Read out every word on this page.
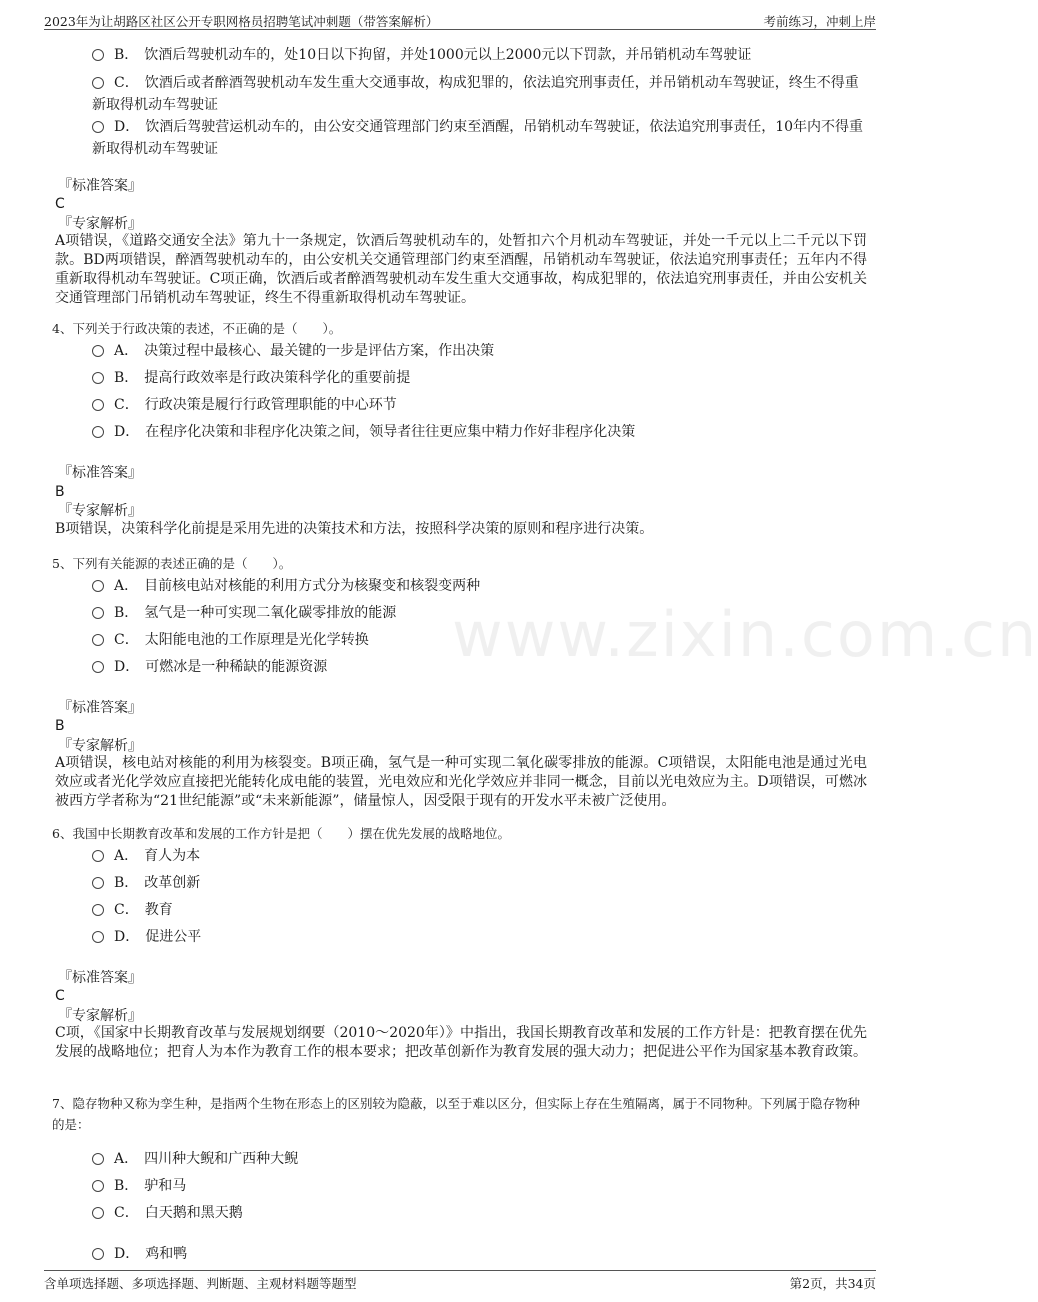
2023年为让胡路区社区公开专职网格员招聘笔试冲刺题（带答案解析）	考前练习，冲刺上岸
www.zixin.com.cn
B． 饮酒后驾驶机动车的，处10日以下拘留，并处1000元以上2000元以下罚款，并吊销机动车驾驶证
C． 饮酒后或者醉酒驾驶机动车发生重大交通事故，构成犯罪的，依法追究刑事责任，并吊销机动车驾驶证，终生不得重新取得机动车驾驶证
D． 饮酒后驾驶营运机动车的，由公安交通管理部门约束至酒醒，吊销机动车驾驶证，依法追究刑事责任，10年内不得重新取得机动车驾驶证
『标准答案』
C
『专家解析』
A项错误，《道路交通安全法》第九十一条规定，饮酒后驾驶机动车的，处暂扣六个月机动车驾驶证，并处一千元以上二千元以下罚款。BD两项错误，醉酒驾驶机动车的，由公安机关交通管理部门约束至酒醒，吊销机动车驾驶证，依法追究刑事责任；五年内不得重新取得机动车驾驶证。C项正确，饮酒后或者醉酒驾驶机动车发生重大交通事故，构成犯罪的，依法追究刑事责任，并由公安机关交通管理部门吊销机动车驾驶证，终生不得重新取得机动车驾驶证。
4、下列关于行政决策的表述，不正确的是（　　）。
A． 决策过程中最核心、最关键的一步是评估方案，作出决策
B． 提高行政效率是行政决策科学化的重要前提
C． 行政决策是履行行政管理职能的中心环节
D． 在程序化决策和非程序化决策之间，领导者往往更应集中精力作好非程序化决策
『标准答案』
B
『专家解析』
B项错误，决策科学化前提是采用先进的决策技术和方法，按照科学决策的原则和程序进行决策。
5、下列有关能源的表述正确的是（　　）。
A． 目前核电站对核能的利用方式分为核聚变和核裂变两种
B． 氢气是一种可实现二氧化碳零排放的能源
C． 太阳能电池的工作原理是光化学转换
D． 可燃冰是一种稀缺的能源资源
『标准答案』
B
『专家解析』
A项错误，核电站对核能的利用为核裂变。B项正确，氢气是一种可实现二氧化碳零排放的能源。C项错误，太阳能电池是通过光电效应或者光化学效应直接把光能转化成电能的装置，光电效应和光化学效应并非同一概念，目前以光电效应为主。D项错误，可燃冰被西方学者称为“21世纪能源”或“未来新能源”，储量惊人，因受限于现有的开发水平未被广泛使用。
6、我国中长期教育改革和发展的工作方针是把（　　）摆在优先发展的战略地位。
A． 育人为本
B． 改革创新
C． 教育
D． 促进公平
『标准答案』
C
『专家解析』
C项，《国家中长期教育改革与发展规划纲要（2010～2020年）》中指出，我国长期教育改革和发展的工作方针是：把教育摆在优先发展的战略地位；把育人为本作为教育工作的根本要求；把改革创新作为教育发展的强大动力；把促进公平作为国家基本教育政策。
7、隐存物种又称为孪生种，是指两个生物在形态上的区别较为隐蔽，以至于难以区分，但实际上存在生殖隔离，属于不同物种。下列属于隐存物种的是：
A． 四川种大鲵和广西种大鲵
B． 驴和马
C． 白天鹅和黑天鹅
D． 鸡和鸭
含单项选择题、多项选择题、判断题、主观材料题等题型	第2页，共34页
